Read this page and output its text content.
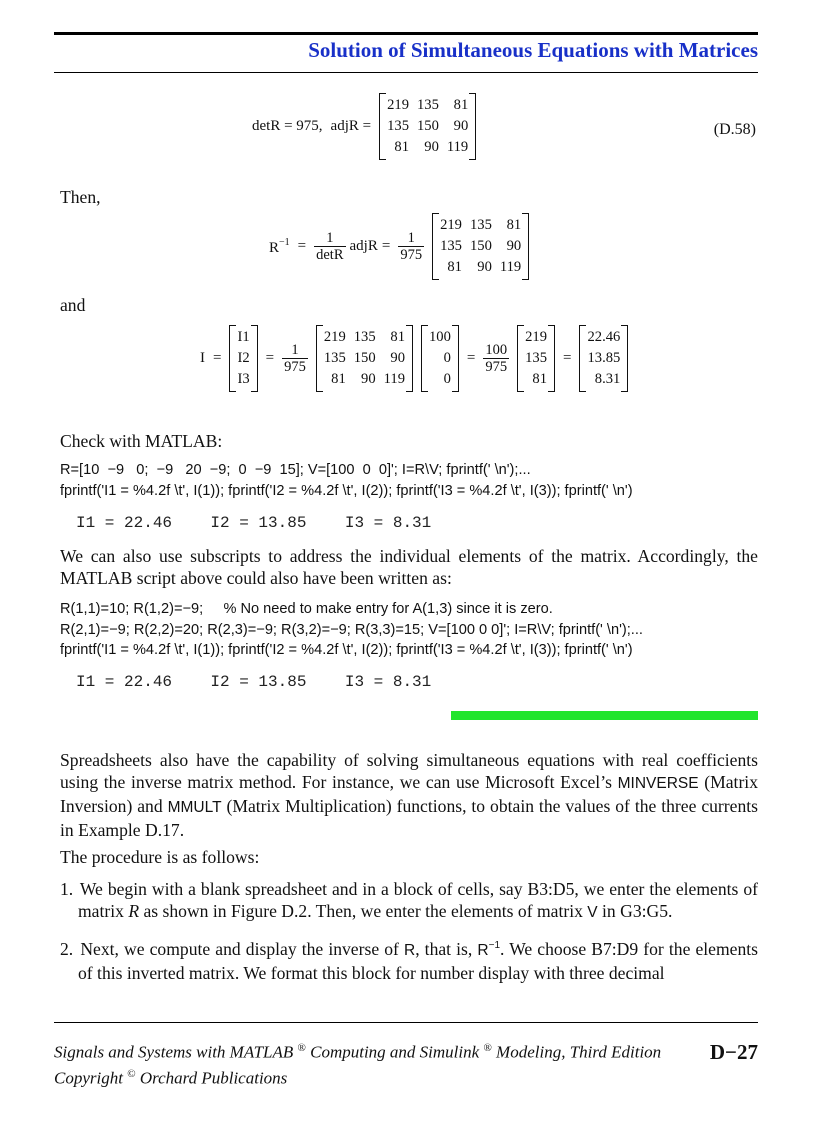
Solution of Simultaneous Equations with Matrices
detR = 975, adjR =
219	135	81
135	150	90
81	90	119
(D.58)
Then,
$R^{-1} = \frac{1}{\det R}$ adjR = $\frac{1}{975}$
219	135	81
135	150	90
81	90	119
and
I =
I1
I2
I3
= $\frac{1}{975}$
219	135	81
135	150	90
81	90	119
100
0
0
= $\frac{100}{975}$
219
135
81
=
22.46
13.85
8.31
Check with MATLAB:
R=[10  −9   0;  −9   20  −9;  0  −9  15]; V=[100  0  0]'; I=R\V; fprintf(' \n');...
fprintf('I1 = %4.2f \t', I(1)); fprintf('I2 = %4.2f \t', I(2)); fprintf('I3 = %4.2f \t', I(3)); fprintf(' \n')
I1 = 22.46    I2 = 13.85    I3 = 8.31
We can also use subscripts to address the individual elements of the matrix. Accordingly, the MATLAB script above could also have been written as:
R(1,1)=10; R(1,2)=−9;     % No need to make entry for A(1,3) since it is zero.
R(2,1)=−9; R(2,2)=20; R(2,3)=−9; R(3,2)=−9; R(3,3)=15; V=[100 0 0]'; I=R\V; fprintf(' \n');...
fprintf('I1 = %4.2f \t', I(1)); fprintf('I2 = %4.2f \t', I(2)); fprintf('I3 = %4.2f \t', I(3)); fprintf(' \n')
I1 = 22.46    I2 = 13.85    I3 = 8.31
Spreadsheets also have the capability of solving simultaneous equations with real coefficients using the inverse matrix method. For instance, we can use Microsoft Excel’s MINVERSE (Matrix Inversion) and MMULT (Matrix Multiplication) functions, to obtain the values of the three currents in Example D.17.
The procedure is as follows:
1. We begin with a blank spreadsheet and in a block of cells, say B3:D5, we enter the elements of matrix R as shown in Figure D.2. Then, we enter the elements of matrix V in G3:G5.
2. Next, we compute and display the inverse of R, that is, $R^{-1}$. We choose B7:D9 for the elements of this inverted matrix. We format this block for number display with three decimal
Signals and Systems with MATLAB ® Computing and Simulink ® Modeling, Third Edition
Copyright © Orchard Publications
D−27
